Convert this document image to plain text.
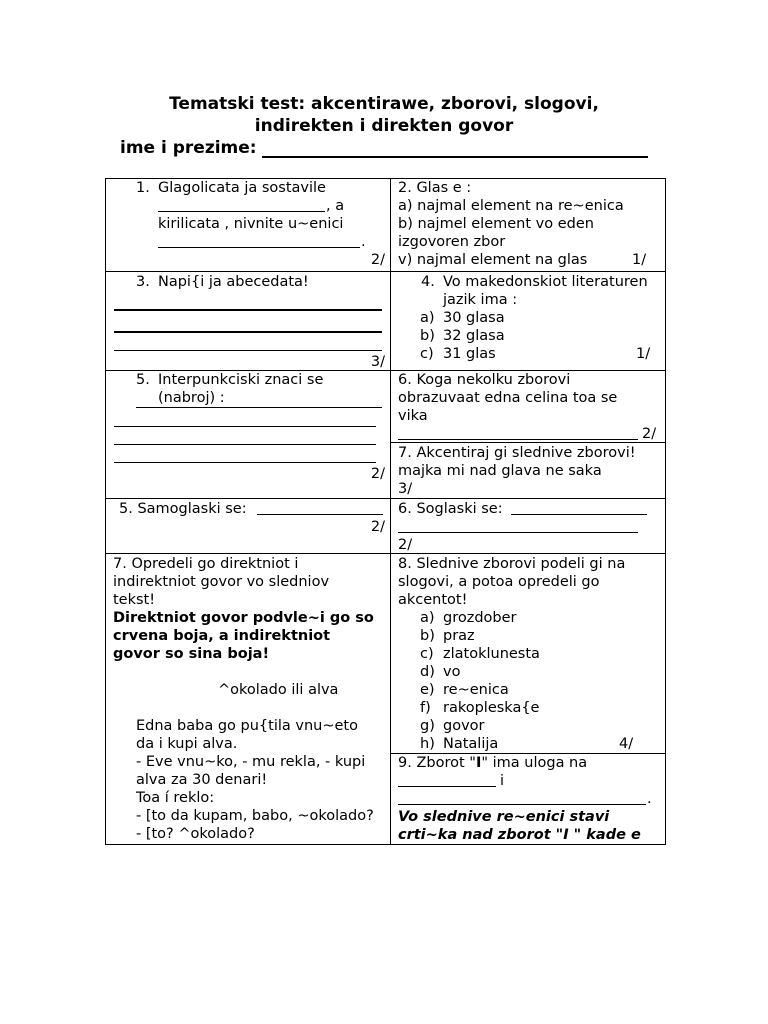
Tematski test: akcentirawe, zborovi, slogovi,
indirekten i direkten govor
ime i prezime:
1. Glagolicata ja sostavile
, a
kirilicata , nivnite u~enici
.
2/
2. Glas e :
a) najmal element na re~enica
b) najmel element vo eden
izgovoren zbor
v) najmal element na glas	1/
3. Napi{i ja abecedata!
3/
4. Vo makedonskiot literaturen
jazik ima :
a) 30 glasa
b) 32 glasa
c) 31 glas	1/
5. Interpunkciski znaci se
(nabroj) :
2/
6. Koga nekolku zborovi
obrazuvaat edna celina toa se
vika
2/
7. Akcentiraj gi slednive zborovi!
majka mi nad glava ne saka
3/
5. Samoglaski se:
2/
6. Soglaski se:
2/
7. Opredeli go direktniot i
indirektniot govor vo sledniov
tekst!
Direktniot govor podvle~i go so
crvena boja, a indirektniot
govor so sina boja!
^okolado ili alva
Edna baba go pu{tila vnu~eto
da i kupi alva.
- Eve vnu~ko, - mu rekla, - kupi
alva za 30 denari!
Toa í reklo:
- [to da kupam, babo, ~okolado?
- [to? ^okolado?
8. Slednive zborovi podeli gi na
slogovi, a potoa opredeli go
akcentot!
a) grozdober
b) praz
c) zlatoklunesta
d) vo
e) re~enica
f) rakopleska{e
g) govor
h) Natalija	4/
9. Zborot "I" ima uloga na
i
.
Vo slednive re~enici stavi
crti~ka nad zborot "I " kade e
